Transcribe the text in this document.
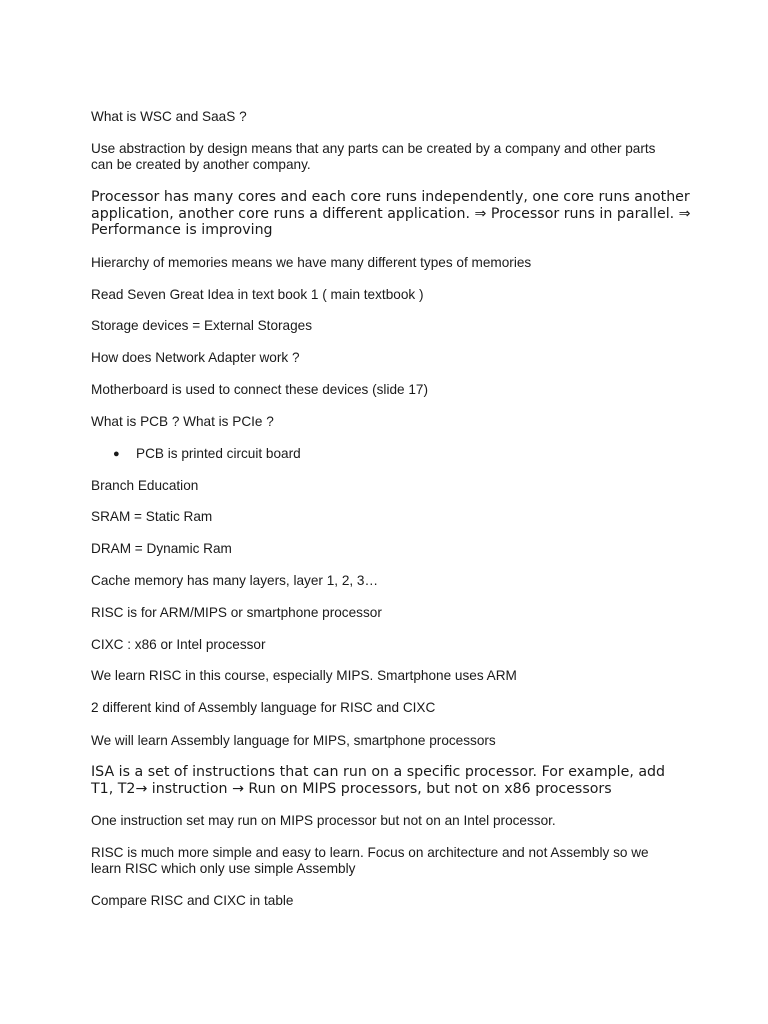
What is WSC and SaaS ?

Use abstraction by design means that any parts can be created by a company and other parts can be created by another company.

Processor has many cores and each core runs independently, one core runs another application, another core runs a different application. ⇒ Processor runs in parallel. ⇒ Performance is improving

Hierarchy of memories means we have many different types of memories

Read Seven Great Idea in text book 1 ( main textbook )

Storage devices = External Storages

How does Network Adapter work ?

Motherboard is used to connect these devices (slide 17)

What is PCB ? What is PCIe ?

● PCB is printed circuit board

Branch Education

SRAM = Static Ram

DRAM = Dynamic Ram

Cache memory has many layers, layer 1, 2, 3…

RISC is for ARM/MIPS or smartphone processor

CIXC : x86 or Intel processor

We learn RISC in this course, especially MIPS. Smartphone uses ARM

2 different kind of Assembly language for RISC and CIXC

We will learn Assembly language for MIPS, smartphone processors

ISA is a set of instructions that can run on a specific processor. For example, add T1, T2→ instruction → Run on MIPS processors, but not on x86 processors

One instruction set may run on MIPS processor but not on an Intel processor.

RISC is much more simple and easy to learn. Focus on architecture and not Assembly so we learn RISC which only use simple Assembly

Compare RISC and CIXC in table
